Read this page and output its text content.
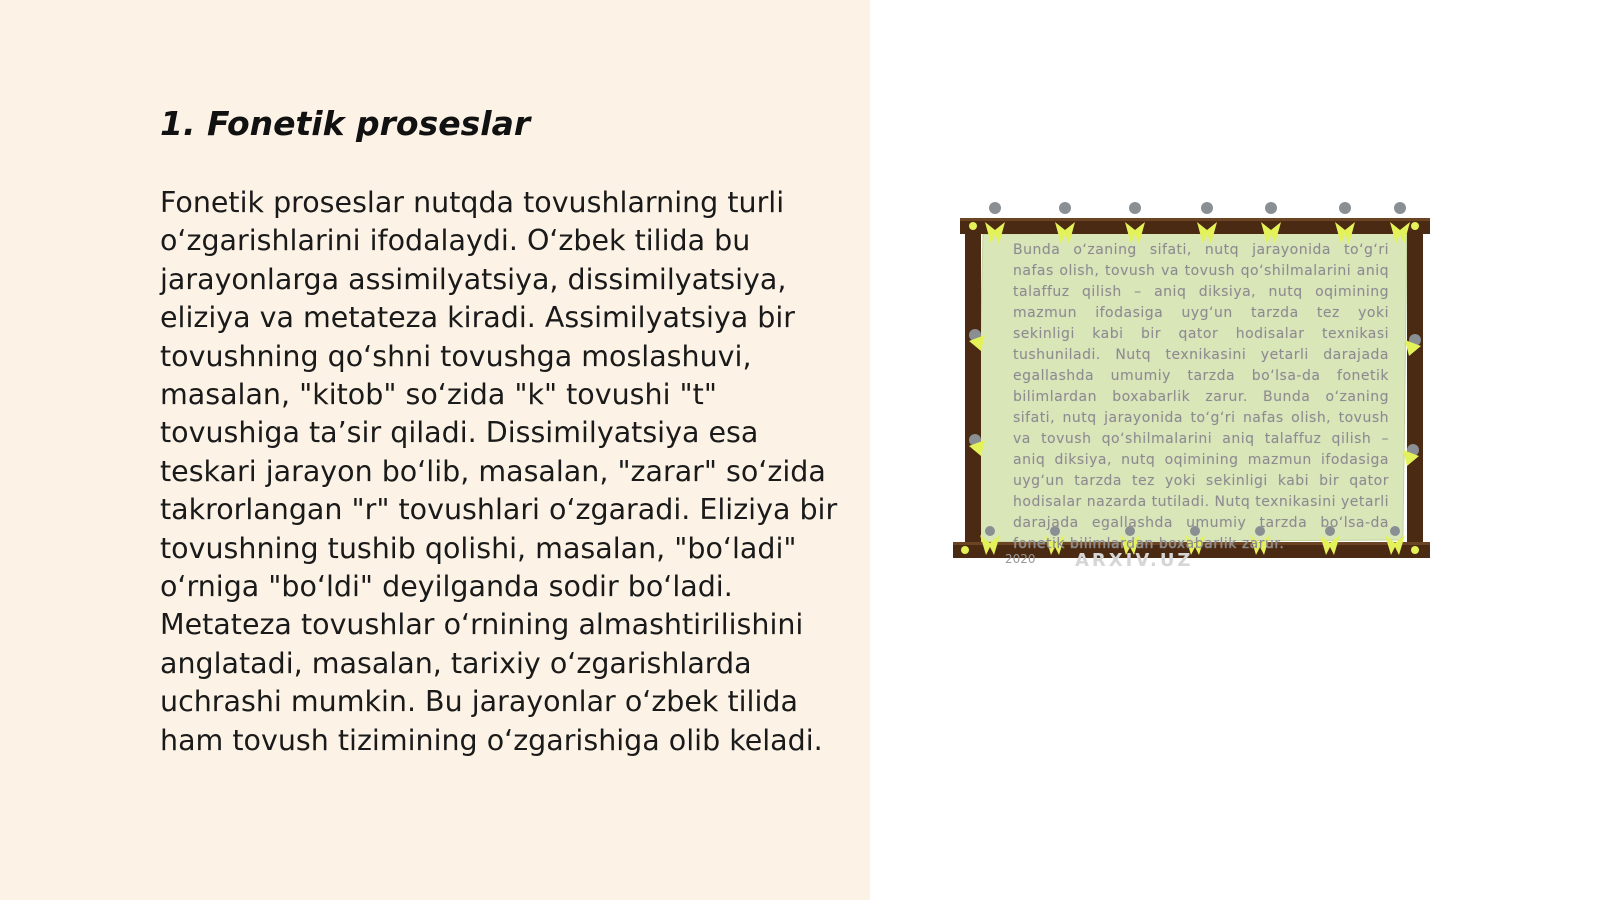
1. Fonetik proseslar

Fonetik proseslar nutqda tovushlarning turli o‘zgarishlarini ifodalaydi. O‘zbek tilida bu jarayonlarga assimilyatsiya, dissimilyatsiya, eliziya va metateza kiradi. Assimilyatsiya bir tovushning qo‘shni tovushga moslashuvi, masalan, "kitob" so‘zida "k" tovushi "t" tovushiga ta’sir qiladi. Dissimilyatsiya esa teskari jarayon bo‘lib, masalan, "zarar" so‘zida takrorlangan "r" tovushlari o‘zgaradi. Eliziya bir tovushning tushib qolishi, masalan, "bo‘ladi" o‘rniga "bo‘ldi" deyilganda sodir bo‘ladi. Metateza tovushlar o‘rnining almashtirilishini anglatadi, masalan, tarixiy o‘zgarishlarda uchrashi mumkin. Bu jarayonlar o‘zbek tilida ham tovush tizimining o‘zgarishiga olib keladi.

Bunda o‘zaning sifati, nutq jarayonida to‘g‘ri nafas olish, tovush va tovush qo‘shilmalarini aniq talaffuz qilish – aniq diksiya, nutq oqimining mazmun ifodasiga uyg‘un tarzda tez yoki sekinligi kabi bir qator hodisalar texnikasi tushuniladi. Nutq texnikasini yetarli darajada egallashda umumiy tarzda bo‘lsa-da fonetik bilimlardan boxabarlik zarur. Bunda o‘zaning sifati, nutq jarayonida to‘g‘ri nafas olish, tovush va tovush qo‘shilmalarini aniq talaffuz qilish – aniq diksiya, nutq oqimining mazmun ifodasiga uyg‘un tarzda tez yoki sekinligi kabi bir qator hodisalar nazarda tutiladi. Nutq texnikasini yetarli darajada egallashda umumiy tarzda bo‘lsa-da fonetik bilimlardan boxabarlik zarur.
2020 ARXIV.UZ
